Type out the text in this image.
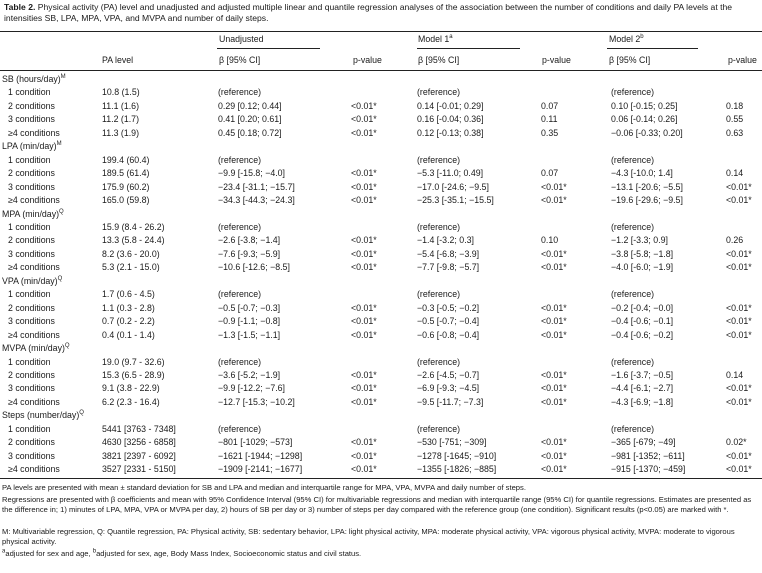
Table 2. Physical activity (PA) level and unadjusted and adjusted multiple linear and quantile regression analyses of the association between the number of conditions and daily PA levels at the intensities SB, LPA, MPA, VPA, and MVPA and number of daily steps.
Unadjusted	Model 1$^a$	Model 2$^b$
PA level	β [95% CI]	p-value	β [95% CI]	p-value	β [95% CI]	p-value
SB (hours/day)$^M$
1 condition	10.8 (1.5)	(reference)		(reference)		(reference)	
2 conditions	11.1 (1.6)	0.29 [0.12; 0.44]	<0.01*	0.14 [-0.01; 0.29]	0.07	0.10 [-0.15; 0.25]	0.18
3 conditions	11.2 (1.7)	0.41 [0.20; 0.61]	<0.01*	0.16 [-0.04; 0.36]	0.11	0.06 [-0.14; 0.26]	0.55
≥4 conditions	11.3 (1.9)	0.45 [0.18; 0.72]	<0.01*	0.12 [-0.13; 0.38]	0.35	−0.06 [-0.33; 0.20]	0.63
LPA $(\min/day)^M$
1 condition	199.4 (60.4)	(reference)		(reference)		(reference)	
2 conditions	189.5 (61.4)	−9.9 [-15.8; −4.0]	<0.01*	−5.3 [-11.0; 0.49]	0.07	−4.3 [-10.0; 1.4]	0.14
3 conditions	175.9 (60.2)	−23.4 [-31.1; −15.7]	<0.01*	−17.0 [-24.6; −9.5]	<0.01*	−13.1 [-20.6; −5.5]	<0.01*
≥4 conditions	165.0 (59.8)	−34.3 [-44.3; −24.3]	<0.01*	−25.3 [-35.1; −15.5]	<0.01*	−19.6 [-29.6; −9.5]	<0.01*
MPA $(\min/day)^Q$
1 condition	15.9 (8.4 - 26.2)	(reference)		(reference)		(reference)	
2 conditions	13.3 (5.8 - 24.4)	−2.6 [-3.8; −1.4]	<0.01*	−1.4 [-3.2; 0.3]	0.10	−1.2 [-3.3; 0.9]	0.26
3 conditions	8.2 (3.6 - 20.0)	−7.6 [-9.3; −5.9]	<0.01*	−5.4 [-6.8; −3.9]	<0.01*	−3.8 [-5.8; −1.8]	<0.01*
≥4 conditions	5.3 (2.1 - 15.0)	−10.6 [-12.6; −8.5]	<0.01*	−7.7 [-9.8; −5.7]	<0.01*	−4.0 [-6.0; −1.9]	<0.01*
VPA $(\min/day)^Q$
1 condition	1.7 (0.6 - 4.5)	(reference)		(reference)		(reference)	
2 conditions	1.1 (0.3 - 2.8)	−0.5 [-0.7; −0.3]	<0.01*	−0.3 [-0.5; −0.2]	<0.01*	−0.2 [-0.4; −0.0]	<0.01*
3 conditions	0.7 (0.2 - 2.2)	−0.9 [-1.1; −0.8]	<0.01*	−0.5 [-0.7; −0.4]	<0.01*	−0.4 [-0.6; −0.1]	<0.01*
≥4 conditions	0.4 (0.1 - 1.4)	−1.3 [-1.5; −1.1]	<0.01*	−0.6 [-0.8; −0.4]	<0.01*	−0.4 [-0.6; −0.2]	<0.01*
MVPA $(\min/day)^Q$
1 condition	19.0 (9.7 - 32.6)	(reference)		(reference)		(reference)	
2 conditions	15.3 (6.5 - 28.9)	−3.6 [-5.2; −1.9]	<0.01*	−2.6 [-4.5; −0.7]	<0.01*	−1.6 [-3.7; −0.5]	0.14
3 conditions	9.1 (3.8 - 22.9)	−9.9 [-12.2; −7.6]	<0.01*	−6.9 [-9.3; −4.5]	<0.01*	−4.4 [-6.1; −2.7]	<0.01*
≥4 conditions	6.2 (2.3 - 16.4)	−12.7 [-15.3; −10.2]	<0.01*	−9.5 [-11.7; −7.3]	<0.01*	−4.3 [-6.9; −1.8]	<0.01*
Steps (number/day)$^Q$
1 condition	5441 [3763 - 7348]	(reference)		(reference)		(reference)	
2 conditions	4630 [3256 - 6858]	−801 [-1029; −573]	<0.01*	−530 [-751; −309]	<0.01*	−365 [-679; −49]	0.02*
3 conditions	3821 [2397 - 6092]	−1621 [-1944; −1298]	<0.01*	−1278 [-1645; −910]	<0.01*	−981 [-1352; −611]	<0.01*
≥4 conditions	3527 [2331 - 5150]	−1909 [-2141; −1677]	<0.01*	−1355 [-1826; −885]	<0.01*	−915 [-1370; −459]	<0.01*
PA levels are presented with mean ± standard deviation for SB and LPA and median and interquartile range for MPA, VPA, MVPA and daily number of steps.
Regressions are presented with β coefficients and mean with 95% Confidence Interval (95% CI) for multivariable regressions and median with interquartile range (95% CI) for quantile regressions. Estimates are presented as the difference in; 1) minutes of LPA, MPA, VPA or MVPA per day, 2) hours of SB per day or 3) number of steps per day compared with the reference group (one condition). Significant results (p<0.05) are marked with *.
M: Multivariable regression, Q: Quantile regression, PA: Physical activity, SB: sedentary behavior, LPA: light physical activity, MPA: moderate physical activity, VPA: vigorous physical activity, MVPA: moderate to vigorous physical activity.
$^a$adjusted for sex and age, $^b$adjusted for sex, age, Body Mass Index, Socioeconomic status and civil status.
